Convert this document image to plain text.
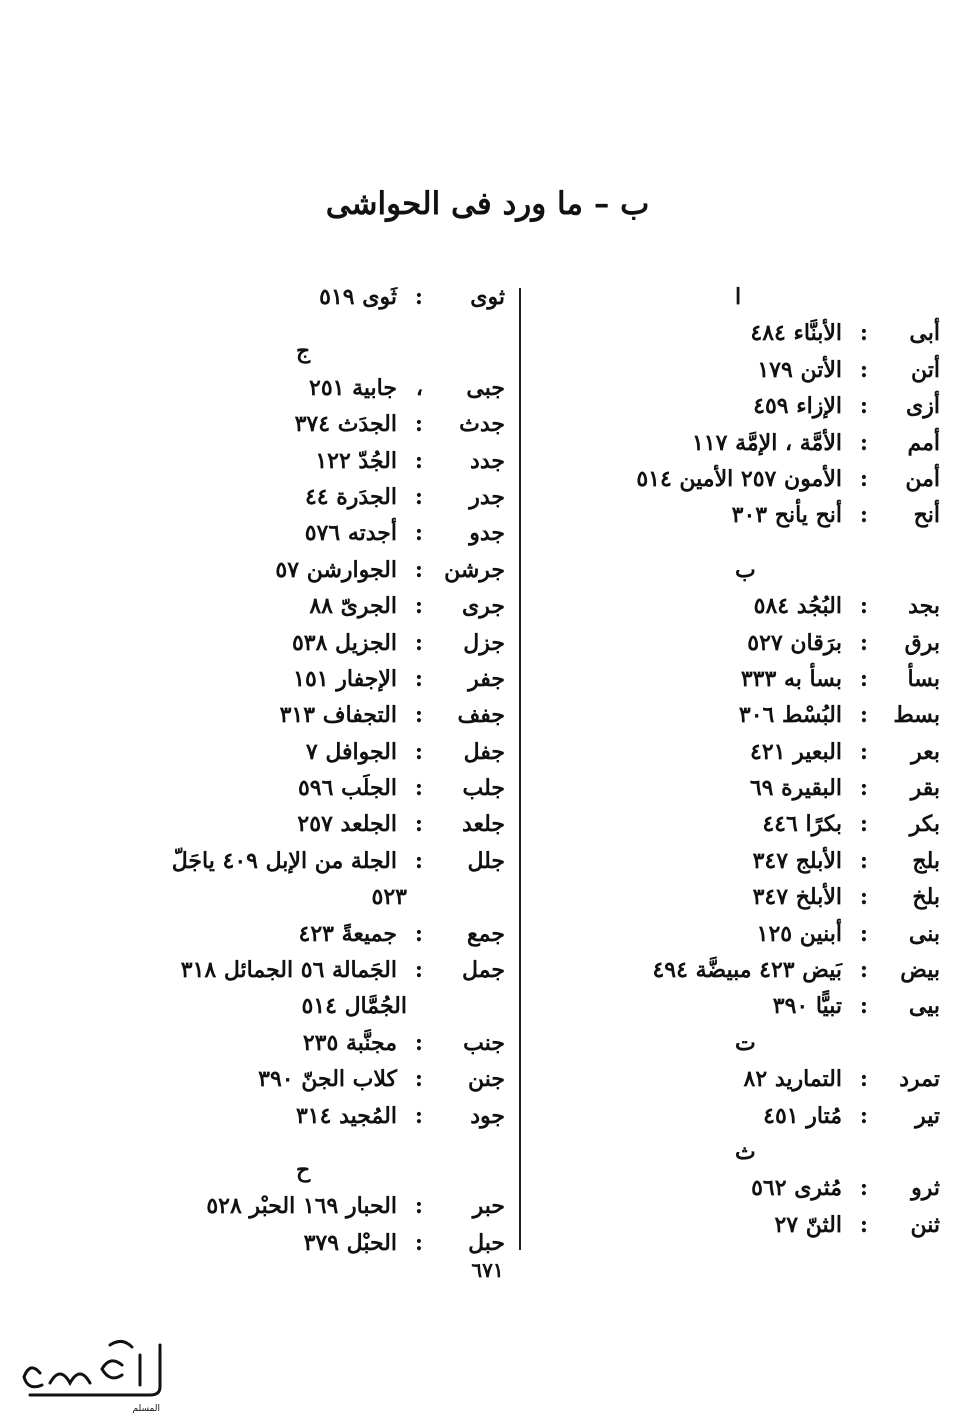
ب – ما ورد فى الحواشى
ا
أبى
:
الأبنَّاء ٤٨٤
أتن
:
الأتن ١٧٩
أزى
:
الإزاء ٤٥٩
أمم
:
الأمَّة ، الإمَّة ١١٧
أمن
:
الأمون ٢٥٧ الأمين ٥١٤
أنح
:
أنح يأنح ٣٠٣
ب
بجد
:
البُجُد ٥٨٤
برق
:
برَقان ٥٢٧
بسأ
:
بسأ به ٣٣٣
بسط
:
البُسْط ٣٠٦
بعر
:
البعير ٤٢١
بقر
:
البقيرة ٦٩
بكر
:
بكرًا ٤٤٦
بلج
:
الأبلج ٣٤٧
بلخ
:
الأبلخ ٣٤٧
بنى
:
أبنين ١٢٥
بيض
:
بَيض ٤٢٣ مبيضَّة ٤٩٤
بيى
:
تبيًّا ٣٩٠
ت
تمرد
:
التماريد ٨٢
تير
:
مُتار ٤٥١
ث
ثرو
:
مُثرى ٥٦٢
ثنن
:
الثنّ ٢٧
ثوى
:
ثَوى ٥١٩
ج
جبى
،
جابية ٢٥١
جدث
:
الجدَث ٣٧٤
جدد
:
الجُدّ ١٢٢
جدر
:
الجدَرة ٤٤
جدو
:
أجدته ٥٧٦
جرشن
:
الجوارشن ٥٧
جرى
:
الجرىّ ٨٨
جزل
:
الجزيل ٥٣٨
جفر
:
الإجفار ١٥١
جفف
:
التجفاف ٣١٣
جفل
:
الجوافل ٧
جلب
:
الجلَب ٥٩٦
جلعد
:
الجلعد ٢٥٧
جلل
:
الجلة من الإبل ٤٠٩ ياجَلّ
٥٢٣
جمع
:
جميعةً ٤٢٣
جمل
:
الجَمالة ٥٦ الجمائل ٣١٨
الجُمَّال ٥١٤
جنب
:
مجنَّبة ٢٣٥
جنن
:
كلاب الجنّ ٣٩٠
جود
:
المُجيد ٣١٤
ح
حبر
:
الحبار ١٦٩ الحبْر ٥٢٨
حبل
:
الحبْل ٣٧٩
٦٧١
المسلم
